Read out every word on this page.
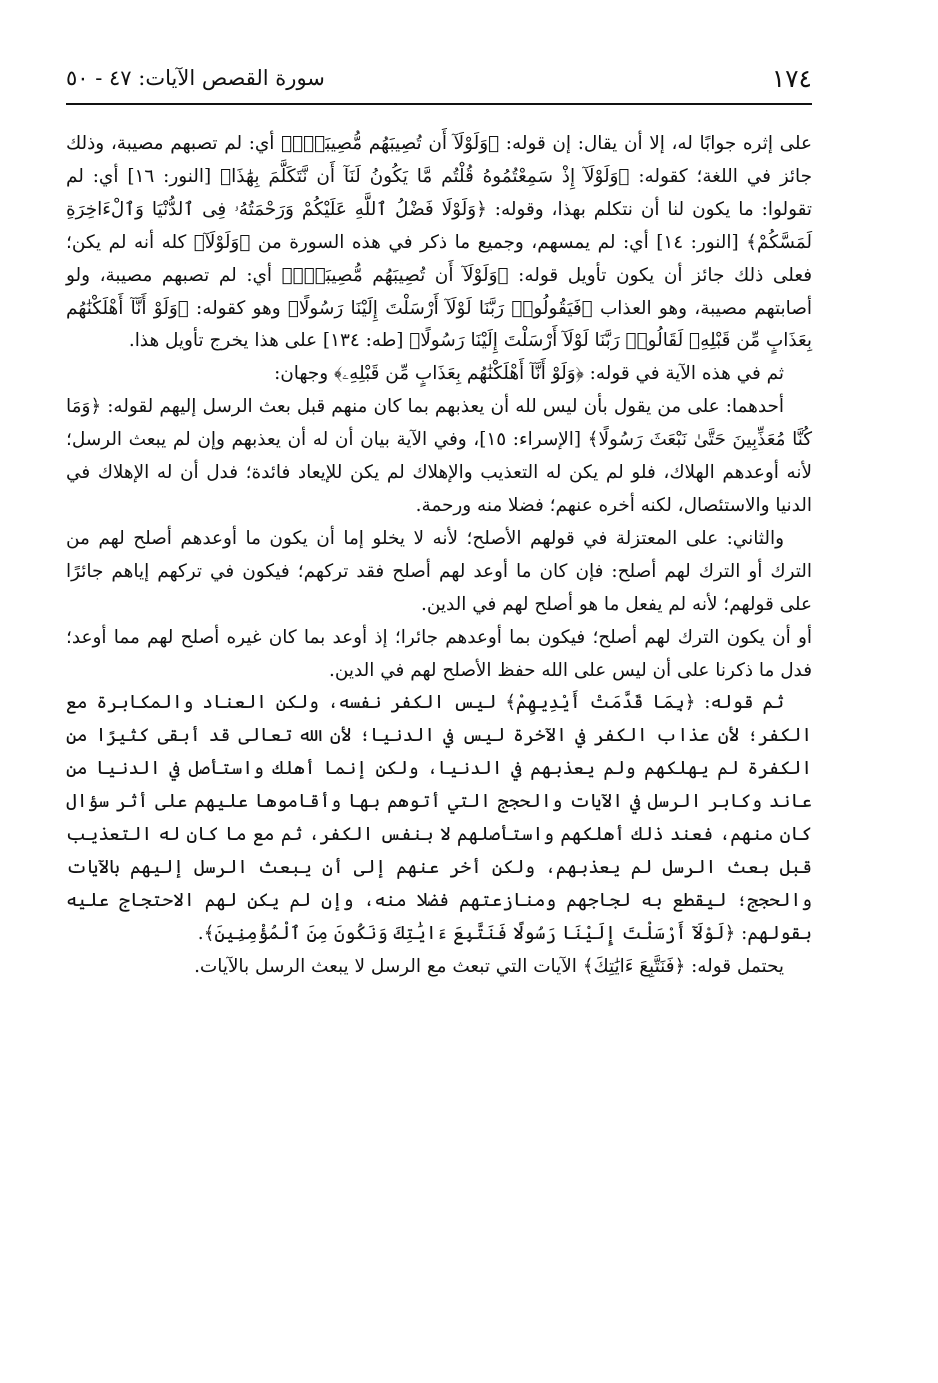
١٧٤
سورة القصص الآيات: ٤٧ - ٥٠

على إثره جوابًا له، إلا أن يقال: إن قوله: ﴿وَلَوْلَآ أَن تُصِيبَهُم مُّصِيبَةٌۢ﴾ أي: لم تصبهم مصيبة، وذلك جائز في اللغة؛ كقوله: ﴿وَلَوْلَآ إِذْ سَمِعْتُمُوهُ قُلْتُم مَّا يَكُونُ لَنَآ أَن نَّتَكَلَّمَ بِهَٰذَا﴾ [النور: ١٦] أي: لم تقولوا: ما يكون لنا أن نتكلم بهذا، وقوله: ﴿وَلَوْلَا فَضْلُ ٱللَّهِ عَلَيْكُمْ وَرَحْمَتُهُۥ فِى ٱلدُّنْيَا وَٱلْءَاخِرَةِ لَمَسَّكُمْ﴾ [النور: ١٤] أي: لم يمسهم، وجميع ما ذكر في هذه السورة من ﴿وَلَوْلَآ﴾ كله أنه لم يكن؛ فعلى ذلك جائز أن يكون تأويل قوله: ﴿وَلَوْلَآ أَن تُصِيبَهُم مُّصِيبَةٌۢ﴾ أي: لم تصبهم مصيبة، ولو أصابتهم مصيبة، وهو العذاب ﴿فَيَقُولُوا۟ رَبَّنَا لَوْلَآ أَرْسَلْتَ إِلَيْنَا رَسُولًا﴾ وهو كقوله: ﴿وَلَوْ أَنَّآ أَهْلَكْنَٰهُم بِعَذَابٍ مِّن قَبْلِهِۦ لَقَالُوا۟ رَبَّنَا لَوْلَآ أَرْسَلْتَ إِلَيْنَا رَسُولًا﴾ [طه: ١٣٤] على هذا يخرج تأويل هذا.

ثم في هذه الآية في قوله: ﴿وَلَوْ أَنَّآ أَهْلَكْنَٰهُم بِعَذَابٍ مِّن قَبْلِهِۦ﴾ وجهان:

أحدهما: على من يقول بأن ليس لله أن يعذبهم بما كان منهم قبل بعث الرسل إليهم لقوله: ﴿وَمَا كُنَّا مُعَذِّبِينَ حَتَّىٰ نَبْعَثَ رَسُولًا﴾ [الإسراء: ١٥]، وفي الآية بيان أن له أن يعذبهم وإن لم يبعث الرسل؛ لأنه أوعدهم الهلاك، فلو لم يكن له التعذيب والإهلاك لم يكن للإيعاد فائدة؛ فدل أن له الإهلاك في الدنيا والاستئصال، لكنه أخره عنهم؛ فضلا منه ورحمة.

والثاني: على المعتزلة في قولهم الأصلح؛ لأنه لا يخلو إما أن يكون ما أوعدهم أصلح لهم من الترك أو الترك لهم أصلح: فإن كان ما أوعد لهم أصلح فقد تركهم؛ فيكون في تركهم إياهم جائرًا على قولهم؛ لأنه لم يفعل ما هو أصلح لهم في الدين.

أو أن يكون الترك لهم أصلح؛ فيكون بما أوعدهم جائرا؛ إذ أوعد بما كان غيره أصلح لهم مما أوعد؛ فدل ما ذكرنا على أن ليس على الله حفظ الأصلح لهم في الدين.

ثم قوله: ﴿بِمَا قَدَّمَتْ أَيْدِيهِمْ﴾ ليس الكفر نفسه، ولكن العناد والمكابرة مع الكفر؛ لأن عذاب الكفر في الآخرة ليس في الدنيا؛ لأن الله تعالى قد أبقى كثيرًا من الكفرة لم يهلكهم ولم يعذبهم في الدنيا، ولكن إنما أهلك واستأصل في الدنيا من عاند وكابر الرسل في الآيات والحجج التي أتوهم بها وأقاموها عليهم على أثر سؤال كان منهم، فعند ذلك أهلكهم واستأصلهم لا بنفس الكفر، ثم مع ما كان له التعذيب قبل بعث الرسل لم يعذبهم، ولكن أخر عنهم إلى أن يبعث الرسل إليهم بالآيات والحجج؛ ليقطع به لجاجهم ومنازعتهم فضلا منه، وإن لم يكن لهم الاحتجاج عليه بقولهم: ﴿لَوْلَآ أَرْسَلْتَ إِلَيْنَا رَسُولًا فَنَتَّبِعَ ءَايَٰتِكَ وَنَكُونَ مِنَ ٱلْمُؤْمِنِينَ﴾.

يحتمل قوله: ﴿فَنَتَّبِعَ ءَايَٰتِكَ﴾ الآيات التي تبعث مع الرسل لا يبعث الرسل بالآيات.
